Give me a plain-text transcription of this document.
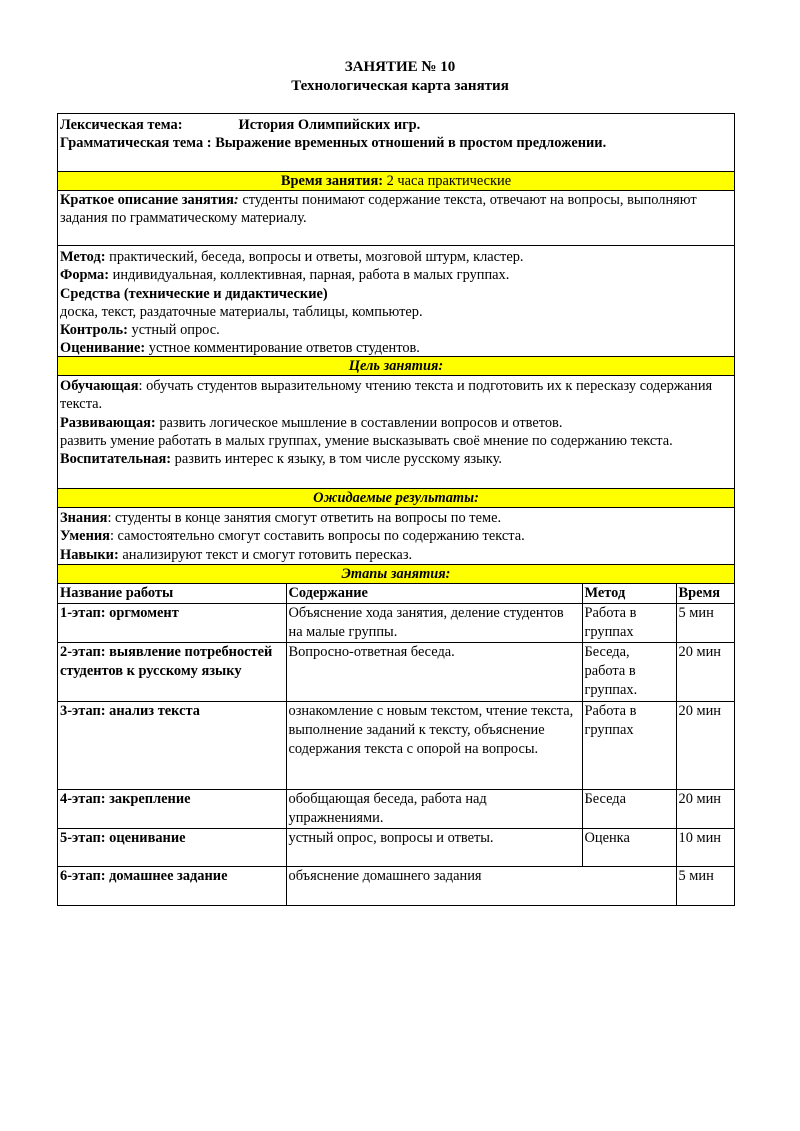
ЗАНЯТИЕ № 10
Технологическая карта занятия

Лексическая тема:	История Олимпийских игр.

Грамматическая тема : Выражение временных отношений в простом предложении.

Время занятия: 2 часа практические

Краткое описание занятия: студенты понимают содержание текста, отвечают на вопросы, выполняют задания по грамматическому материалу.

Метод: практический, беседа, вопросы и ответы, мозговой штурм, кластер.

Форма: индивидуальная, коллективная, парная, работа в малых группах.

Средства (технические и дидактические)

доска, текст, раздаточные материалы, таблицы, компьютер.

Контроль: устный опрос.

Оценивание: устное комментирование ответов студентов.

Цель занятия:

Обучающая: обучать студентов выразительному чтению текста и подготовить их к пересказу содержания текста.

Развивающая: развить логическое мышление в составлении вопросов и ответов.

развить умение работать в малых группах, умение высказывать своё мнение по содержанию текста.

Воспитательная: развить интерес к языку, в том числе русскому языку.

Ожидаемые результаты:

Знания: студенты в конце занятия смогут ответить на вопросы по теме.

Умения: самостоятельно смогут составить вопросы по содержанию текста.

Навыки: анализируют текст и смогут готовить пересказ.

Этапы занятия:
Название работы	Содержание	Метод	Время
1-этап: оргмомент	Объяснение хода занятия, деление студентов на малые группы.	Работа в группах	5 мин
2-этап: выявление потребностей студентов к русскому языку	Вопросно-ответная беседа.	Беседа, работа в группах.	20 мин
3-этап: анализ текста	ознакомление с новым текстом, чтение текста, выполнение заданий к тексту, объяснение содержания текста с опорой на вопросы.	Работа в группах	20 мин
4-этап: закрепление	обобщающая беседа, работа над упражнениями.	Беседа	20 мин
5-этап: оценивание	устный опрос, вопросы и ответы.	Оценка	10 мин
6-этап: домашнее задание	объяснение домашнего задания		5 мин
